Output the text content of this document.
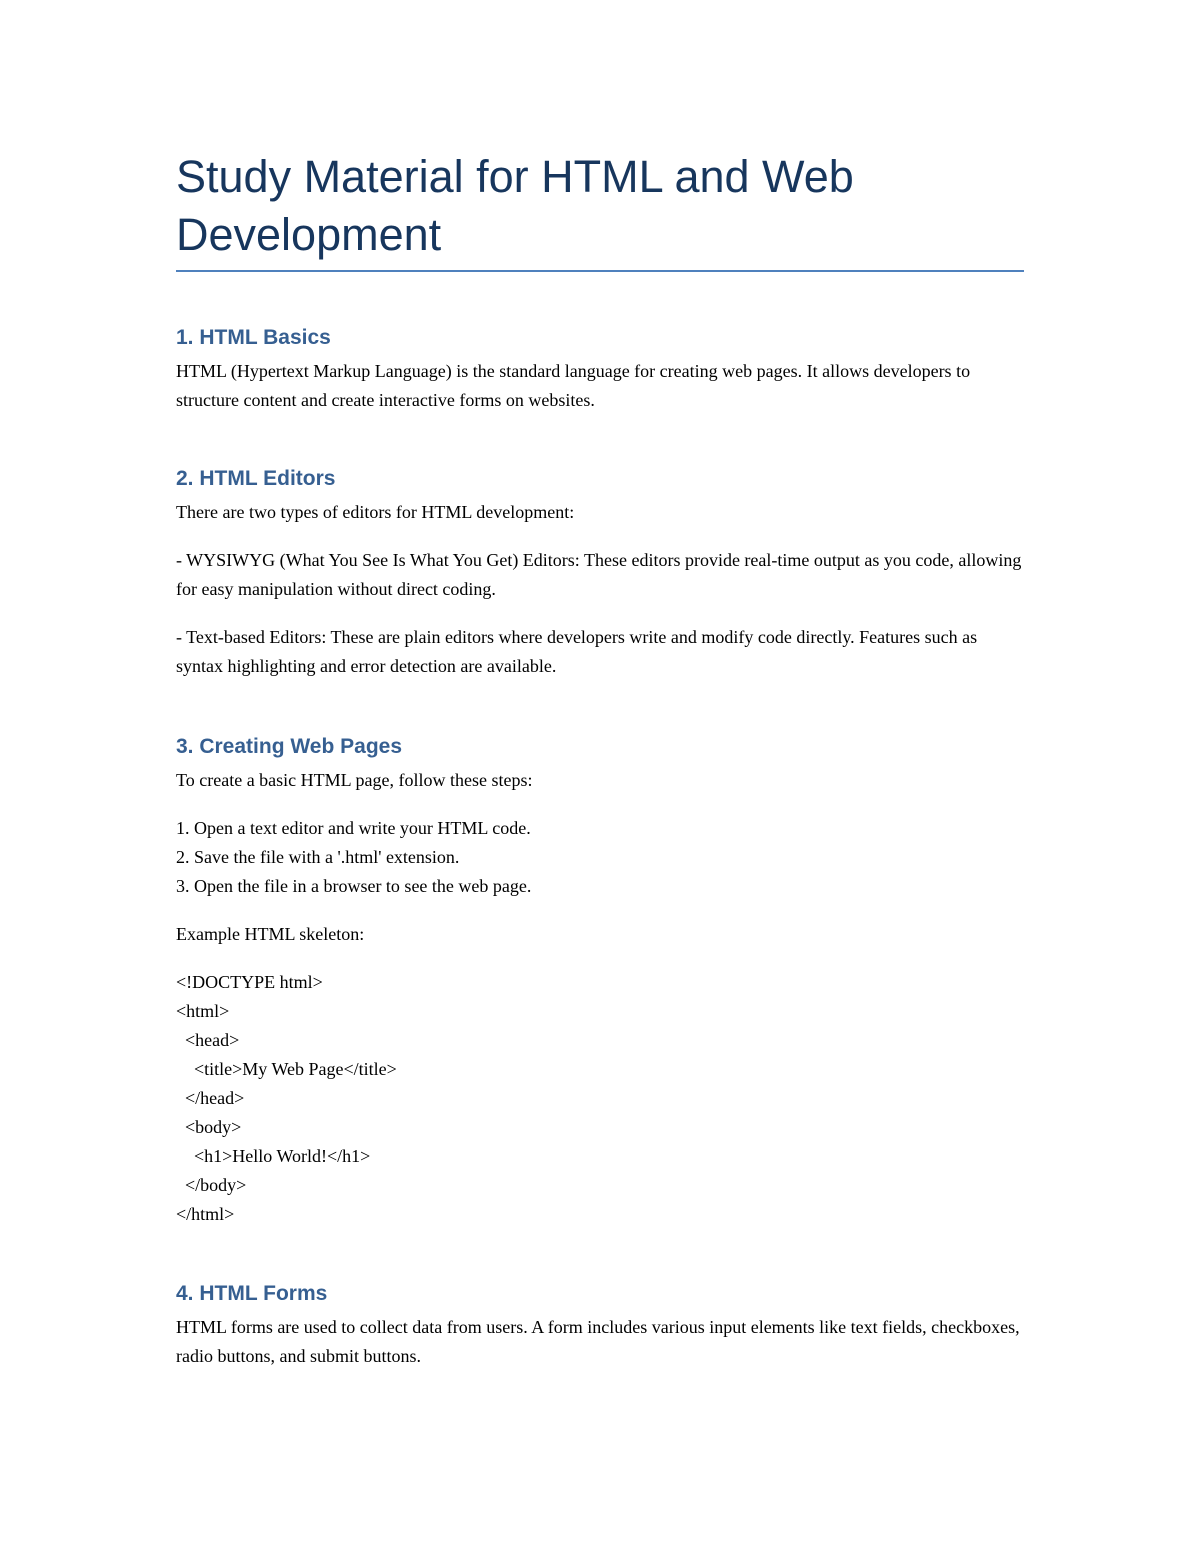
Study Material for HTML and Web Development
1. HTML Basics

HTML (Hypertext Markup Language) is the standard language for creating web pages. It allows developers to structure content and create interactive forms on websites.

2. HTML Editors

There are two types of editors for HTML development:

- WYSIWYG (What You See Is What You Get) Editors: These editors provide real-time output as you code, allowing for easy manipulation without direct coding.

- Text-based Editors: These are plain editors where developers write and modify code directly. Features such as syntax highlighting and error detection are available.

3. Creating Web Pages

To create a basic HTML page, follow these steps:

1. Open a text editor and write your HTML code.

2. Save the file with a '.html' extension.

3. Open the file in a browser to see the web page.

Example HTML skeleton:

<!DOCTYPE html>

<html>

<head>

<title>My Web Page</title>

</head>

<body>

<h1>Hello World!</h1>

</body>

</html>

4. HTML Forms

HTML forms are used to collect data from users. A form includes various input elements like text fields, checkboxes, radio buttons, and submit buttons.
